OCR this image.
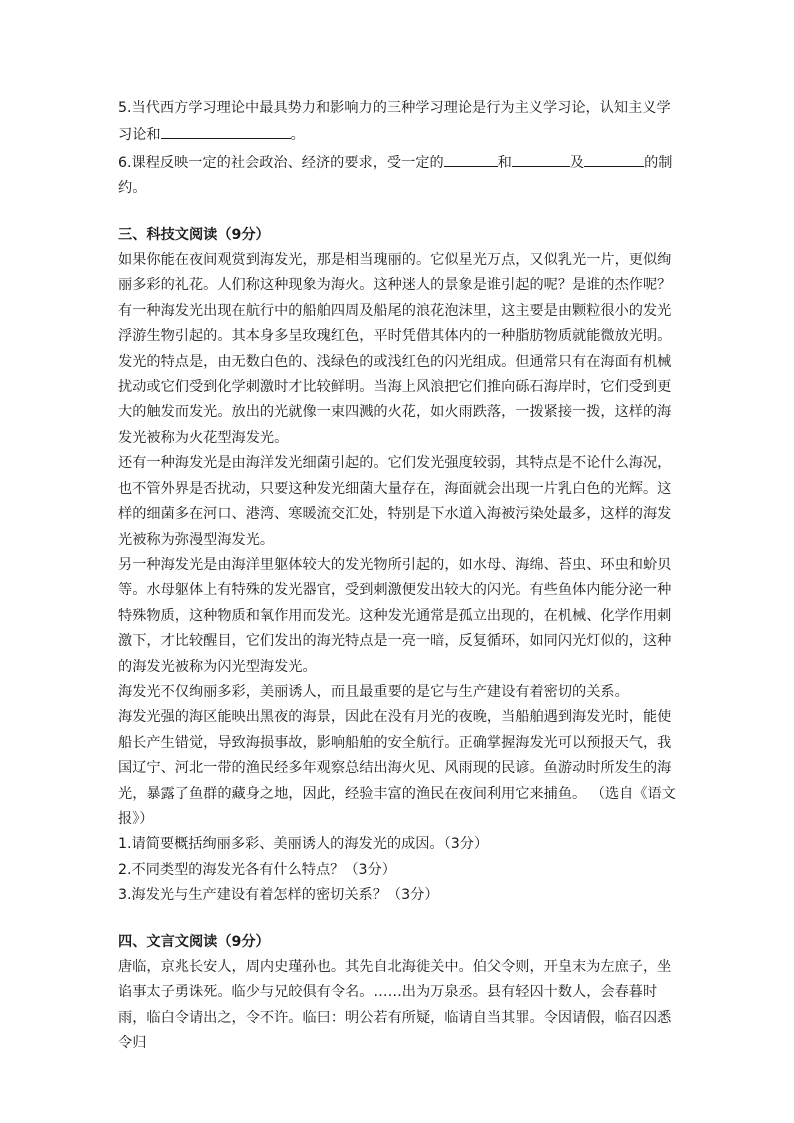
5.当代西方学习理论中最具势力和影响力的三种学习理论是行为主义学习论，认知主义学习论和	。

6.课程反映一定的社会政治、经济的要求，受一定的	和	及	的制约。

三、科技文阅读（9分）

如果你能在夜间观赏到海发光，那是相当瑰丽的。它似星光万点，又似乳光一片，更似绚丽多彩的礼花。人们称这种现象为海火。这种迷人的景象是谁引起的呢？是谁的杰作呢？

有一种海发光出现在航行中的船舶四周及船尾的浪花泡沫里，这主要是由颗粒很小的发光浮游生物引起的。其本身多呈玫瑰红色，平时凭借其体内的一种脂肪物质就能微放光明。发光的特点是，由无数白色的、浅绿色的或浅红色的闪光组成。但通常只有在海面有机械扰动或它们受到化学刺激时才比较鲜明。当海上风浪把它们推向砾石海岸时，它们受到更大的触发而发光。放出的光就像一束四溅的火花，如火雨跌落，一拨紧接一拨，这样的海发光被称为火花型海发光。

还有一种海发光是由海洋发光细菌引起的。它们发光强度较弱，其特点是不论什么海况，也不管外界是否扰动，只要这种发光细菌大量存在，海面就会出现一片乳白色的光辉。这样的细菌多在河口、港湾、寒暖流交汇处，特别是下水道入海被污染处最多，这样的海发光被称为弥漫型海发光。

另一种海发光是由海洋里躯体较大的发光物所引起的，如水母、海绵、苔虫、环虫和蚧贝等。水母躯体上有特殊的发光器官，受到刺激便发出较大的闪光。有些鱼体内能分泌一种特殊物质，这种物质和氧作用而发光。这种发光通常是孤立出现的，在机械、化学作用刺激下，才比较醒目，它们发出的海光特点是一亮一暗，反复循环，如同闪光灯似的，这种的海发光被称为闪光型海发光。

海发光不仅绚丽多彩，美丽诱人，而且最重要的是它与生产建设有着密切的关系。

海发光强的海区能映出黑夜的海景，因此在没有月光的夜晚，当船舶遇到海发光时，能使船长产生错觉，导致海损事故，影响船舶的安全航行。正确掌握海发光可以预报天气，我国辽宁、河北一带的渔民经多年观察总结出海火见、风雨现的民谚。鱼游动时所发生的海光，暴露了鱼群的藏身之地，因此，经验丰富的渔民在夜间利用它来捕鱼。 （选自《语文报》）

1.请简要概括绚丽多彩、美丽诱人的海发光的成因。（3分）

2.不同类型的海发光各有什么特点？（3分）

3.海发光与生产建设有着怎样的密切关系？（3分）

四、文言文阅读（9分）

唐临，京兆长安人，周内史瑾孙也。其先自北海徙关中。伯父令则，开皇末为左庶子，坐谄事太子勇诛死。临少与兄皎俱有令名。……出为万泉丞。县有轻囚十数人，会春暮时雨，临白令请出之，令不许。临曰：明公若有所疑，临请自当其罪。令因请假，临召囚悉令归
